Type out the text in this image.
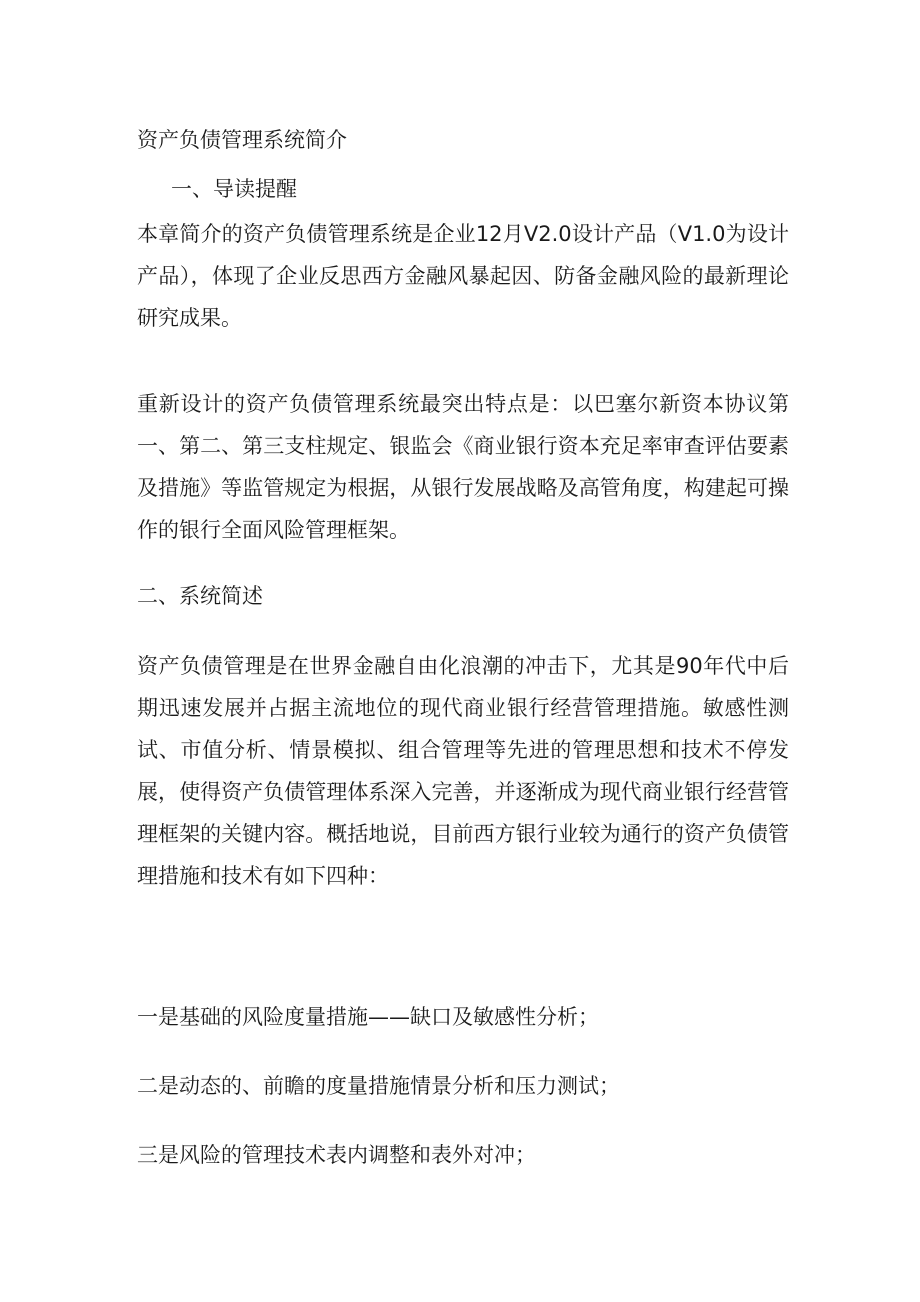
资产负债管理系统简介

一、导读提醒

本章简介的资产负债管理系统是企业12月V2.0设计产品（V1.0为设计产品），体现了企业反思西方金融风暴起因、防备金融风险的最新理论研究成果。

重新设计的资产负债管理系统最突出特点是：以巴塞尔新资本协议第一、第二、第三支柱规定、银监会《商业银行资本充足率审查评估要素及措施》等监管规定为根据，从银行发展战略及高管角度，构建起可操作的银行全面风险管理框架。

二、系统简述

资产负债管理是在世界金融自由化浪潮的冲击下，尤其是90年代中后期迅速发展并占据主流地位的现代商业银行经营管理措施。敏感性测试、市值分析、情景模拟、组合管理等先进的管理思想和技术不停发展，使得资产负债管理体系深入完善，并逐渐成为现代商业银行经营管理框架的关键内容。概括地说，目前西方银行业较为通行的资产负债管理措施和技术有如下四种：

一是基础的风险度量措施——缺口及敏感性分析；

二是动态的、前瞻的度量措施情景分析和压力测试；

三是风险的管理技术表内调整和表外对冲；
